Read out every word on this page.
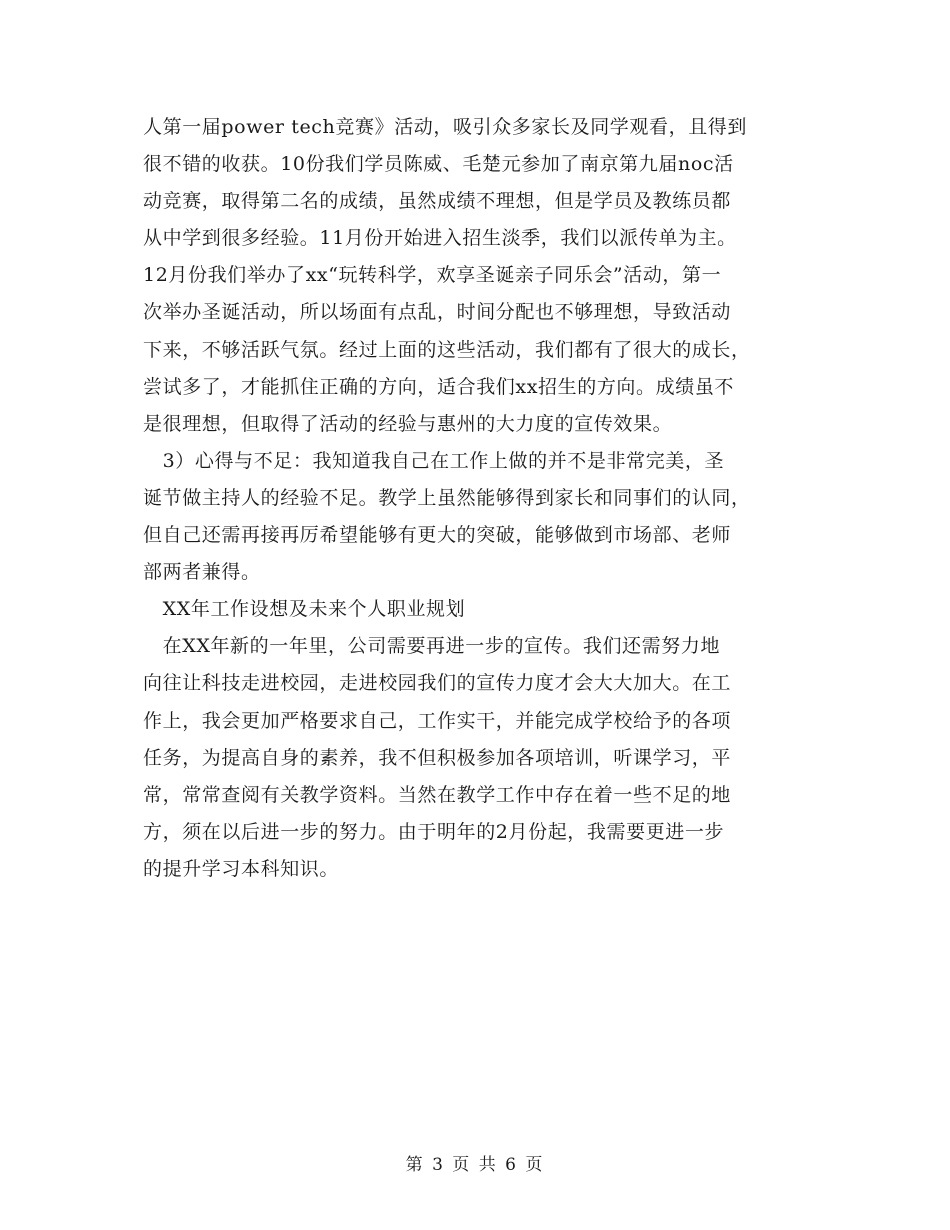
人第一届power tech竞赛》活动，吸引众多家长及同学观看，且得到
很不错的收获。10份我们学员陈威、毛楚元参加了南京第九届noc活
动竞赛，取得第二名的成绩，虽然成绩不理想，但是学员及教练员都
从中学到很多经验。11月份开始进入招生淡季，我们以派传单为主。
12月份我们举办了xx“玩转科学，欢享圣诞亲子同乐会”活动，第一
次举办圣诞活动，所以场面有点乱，时间分配也不够理想，导致活动
下来，不够活跃气氛。经过上面的这些活动，我们都有了很大的成长，
尝试多了，才能抓住正确的方向，适合我们xx招生的方向。成绩虽不
是很理想，但取得了活动的经验与惠州的大力度的宣传效果。
　3）心得与不足：我知道我自己在工作上做的并不是非常完美，圣
诞节做主持人的经验不足。教学上虽然能够得到家长和同事们的认同，
但自己还需再接再厉希望能够有更大的突破，能够做到市场部、老师
部两者兼得。
　XX年工作设想及未来个人职业规划
　在XX年新的一年里，公司需要再进一步的宣传。我们还需努力地
向往让科技走进校园，走进校园我们的宣传力度才会大大加大。在工
作上，我会更加严格要求自己，工作实干，并能完成学校给予的各项
任务，为提高自身的素养，我不但积极参加各项培训，听课学习，平
常，常常查阅有关教学资料。当然在教学工作中存在着一些不足的地
方，须在以后进一步的努力。由于明年的2月份起，我需要更进一步
的提升学习本科知识。
第 3 页 共 6 页
